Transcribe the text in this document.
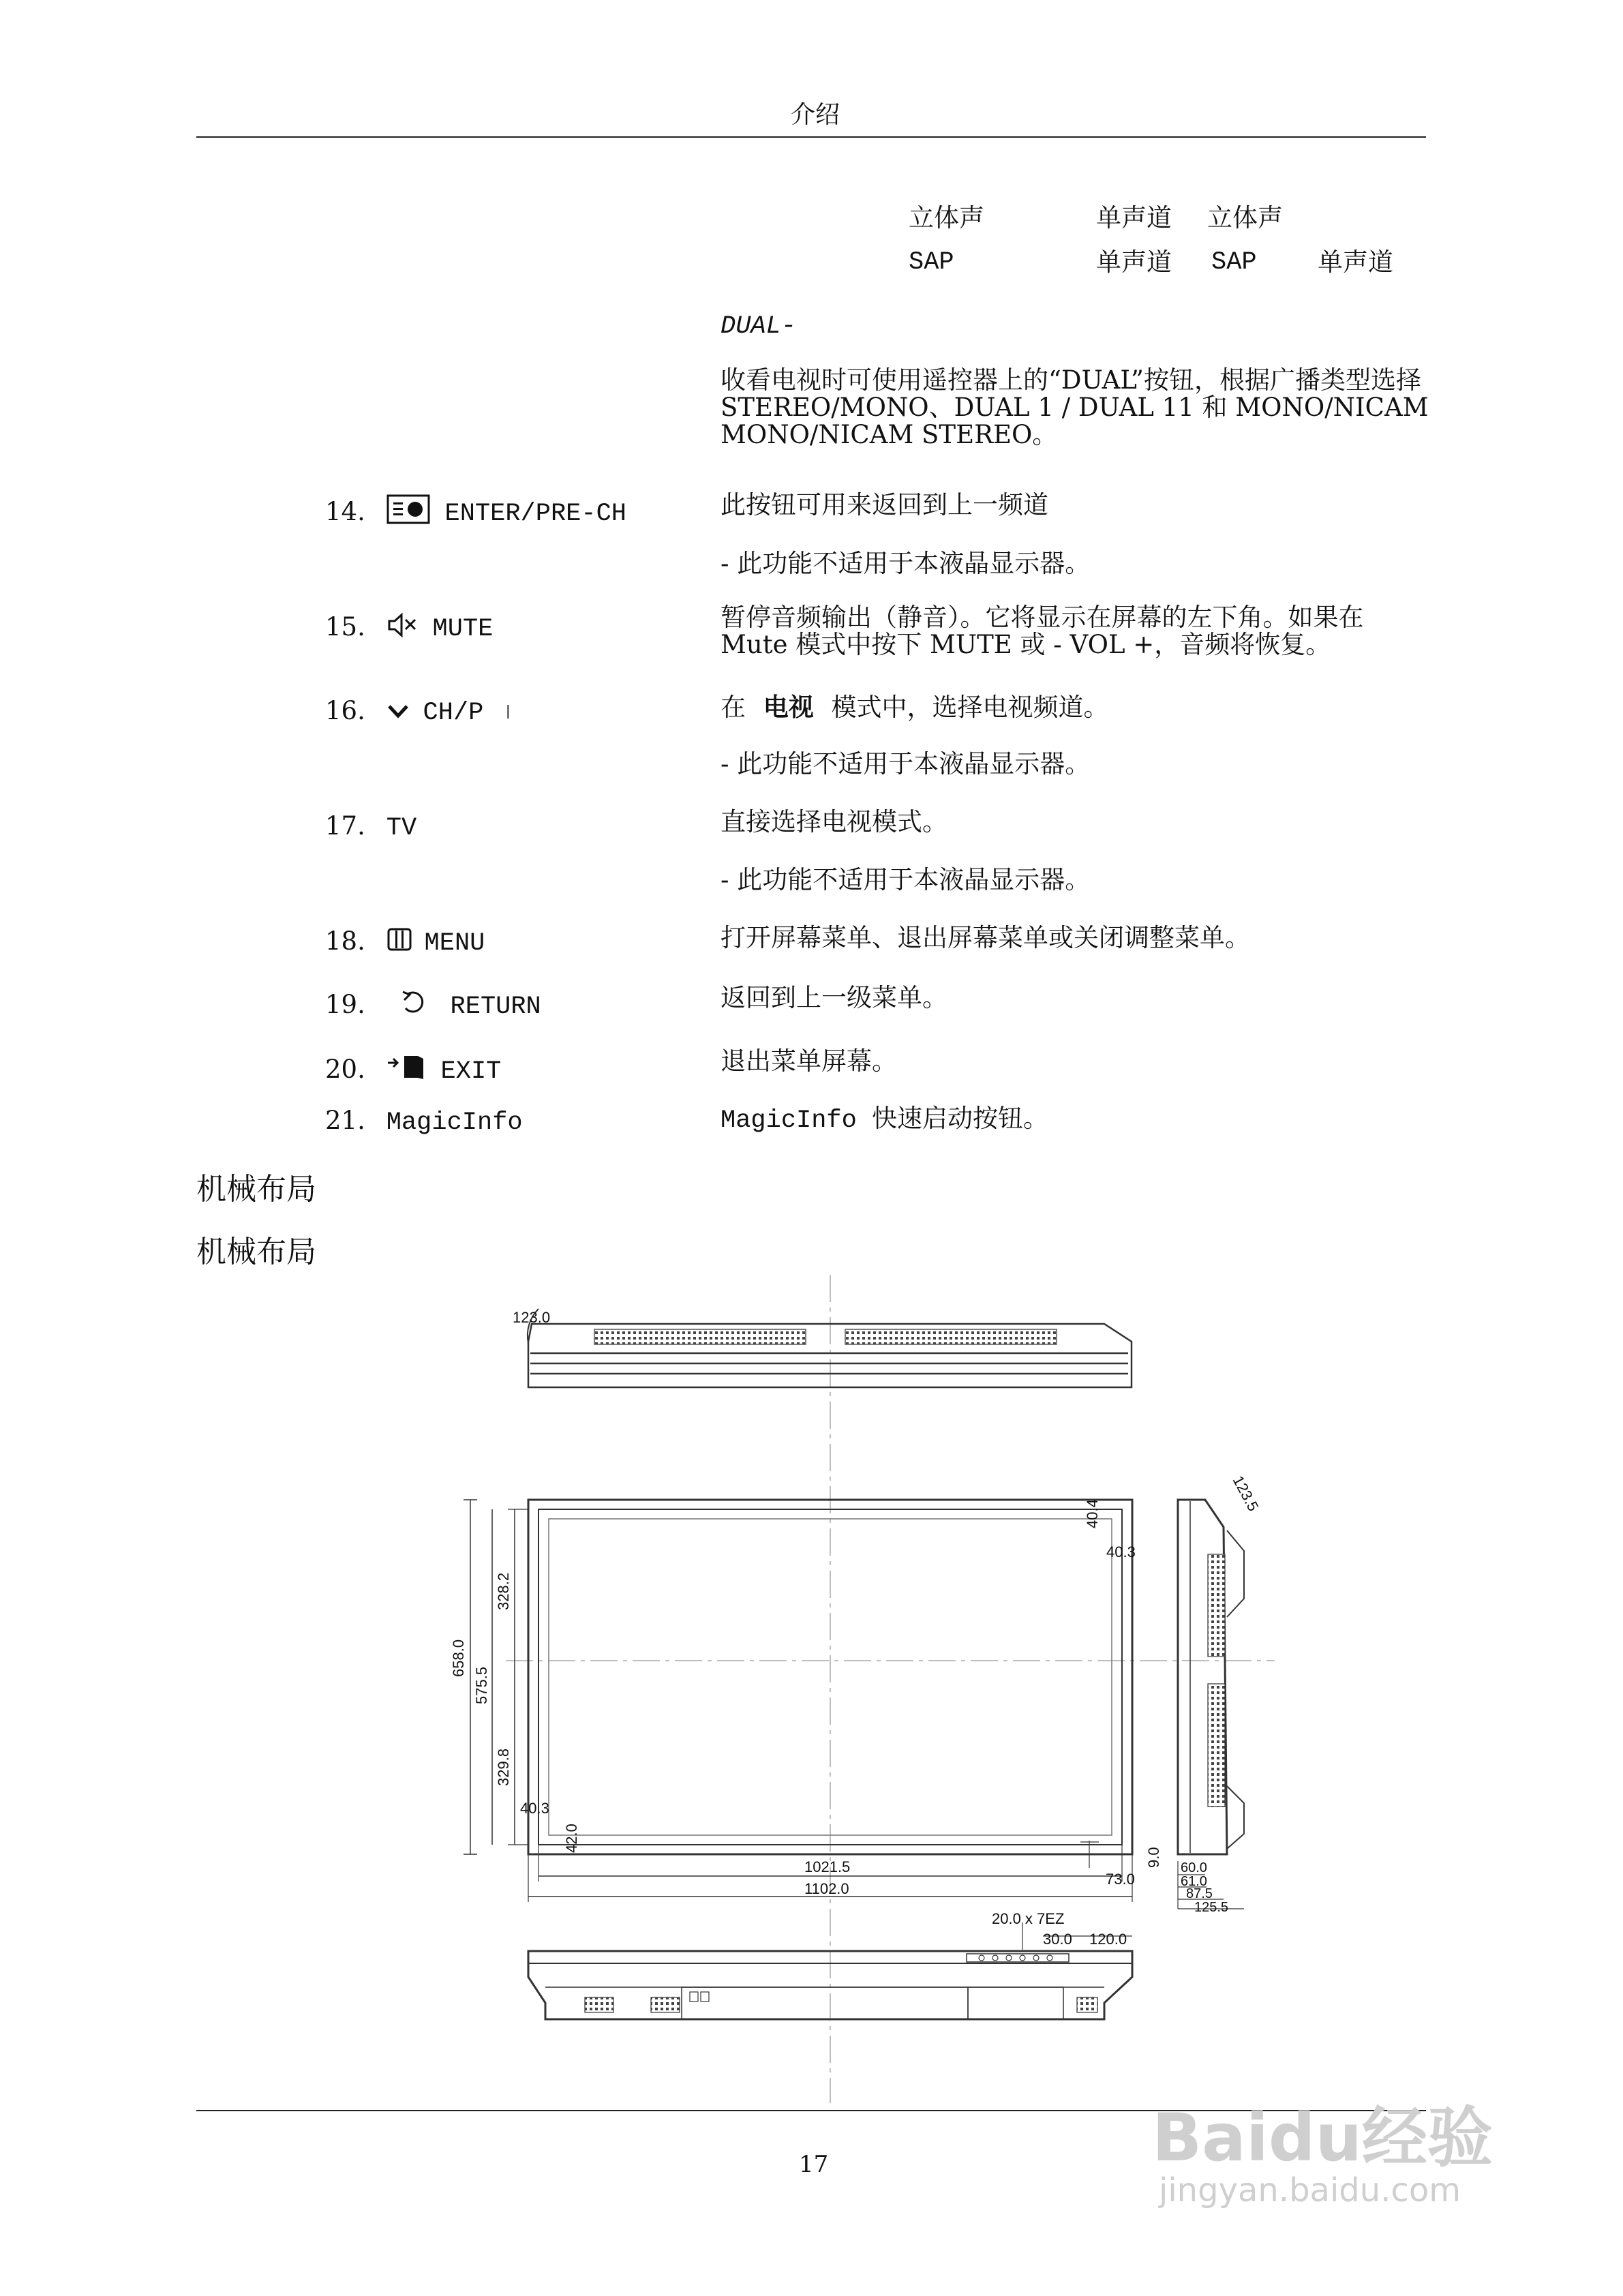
介绍
立体声	单声道 立体声
SAP	单声道 SAP 单声道
DUAL-
收看电视时可使用遥控器上的“DUAL”按钮，根据广播类型选择 STEREO/MONO、DUAL 1 / DUAL 11 和 MONO/NICAM MONO/NICAM STEREO。
14.	ENTER/PRE-CH	此按钮可用来返回到上一频道
- 此功能不适用于本液晶显示器。
15.	MUTE	暂停音频输出（静音）。它将显示在屏幕的左下角。如果在 Mute 模式中按下 MUTE 或 - VOL +，音频将恢复。
16. CH/P	在 电视 模式中，选择电视频道。
- 此功能不适用于本液晶显示器。
17. TV	直接选择电视模式。
- 此功能不适用于本液晶显示器。
18. MENU	打开屏幕菜单、退出屏幕菜单或关闭调整菜单。
19.	RETURN	返回到上一级菜单。
20.	EXIT	退出菜单屏幕。
21. MagicInfo	MagicInfo 快速启动按钮。
机械布局
机械布局
123.0
40.4
40.3
658.0
575.5
328.2
329.8
40.3
42.0
1021.5
1102.0
73.0
9.0
123.5
60.0
61.0
87.5
125.5
20.0 x 7EZ
30.0 120.0
17	Baidu经验
jingyan.baidu.com
